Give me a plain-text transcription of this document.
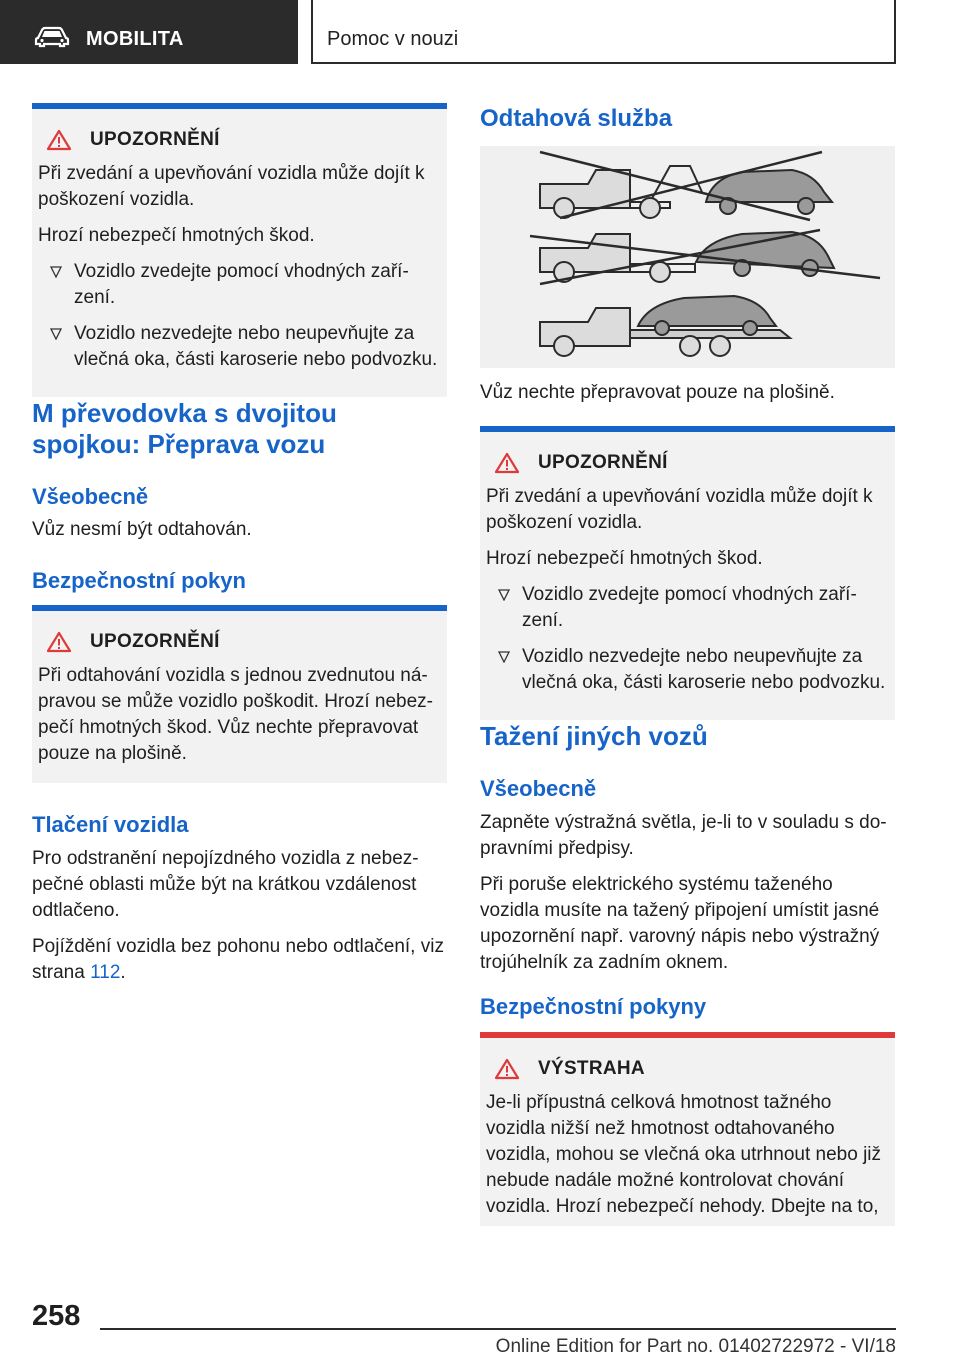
MOBILITA	Pomoc v nouzi
UPOZORNĚNÍ

Při zvedání a upevňování vozidla může dojít k poškození vozidla.

Hrozí nebezpečí hmotných škod.

Vozidlo zvedejte pomocí vhodných zaří-zení.
Vozidlo nezvedejte nebo neupevňujte za vlečná oka, části karoserie nebo podvozku.
M převodovka s dvojitou spojkou: Přeprava vozu
Všeobecně
Vůz nesmí být odtahován.
Bezpečnostní pokyn
UPOZORNĚNÍ

Při odtahování vozidla s jednou zvednutou ná-pravou se může vozidlo poškodit. Hrozí nebez-pečí hmotných škod. Vůz nechte přepravovat pouze na plošině.

Tlačení vozidla

Pro odstranění nepojízdného vozidla z nebez-pečné oblasti může být na krátkou vzdálenost odtlačeno.

Pojíždění vozidla bez pohonu nebo odtlačení, viz strana 112.

Odtahová služba
Vůz nechte přepravovat pouze na plošině.
UPOZORNĚNÍ

Při zvedání a upevňování vozidla může dojít k poškození vozidla.

Hrozí nebezpečí hmotných škod.

Vozidlo zvedejte pomocí vhodných zaří-zení.
Vozidlo nezvedejte nebo neupevňujte za vlečná oka, části karoserie nebo podvozku.
Tažení jiných vozů
Všeobecně

Zapněte výstražná světla, je-li to v souladu s do-pravními předpisy.

Při poruše elektrického systému taženého vozidla musíte na tažený připojení umístit jasné upozornění např. varovný nápis nebo výstražný trojúhelník za zadním oknem.

Bezpečnostní pokyny
VÝSTRAHA

Je-li přípustná celková hmotnost tažného vozidla nižší než hmotnost odtahovaného vozidla, mohou se vlečná oka utrhnout nebo již nebude nadále možné kontrolovat chování vozidla. Hrozí nebezpečí nehody. Dbejte na to,

258
Online Edition for Part no. 01402722972 - VI/18
